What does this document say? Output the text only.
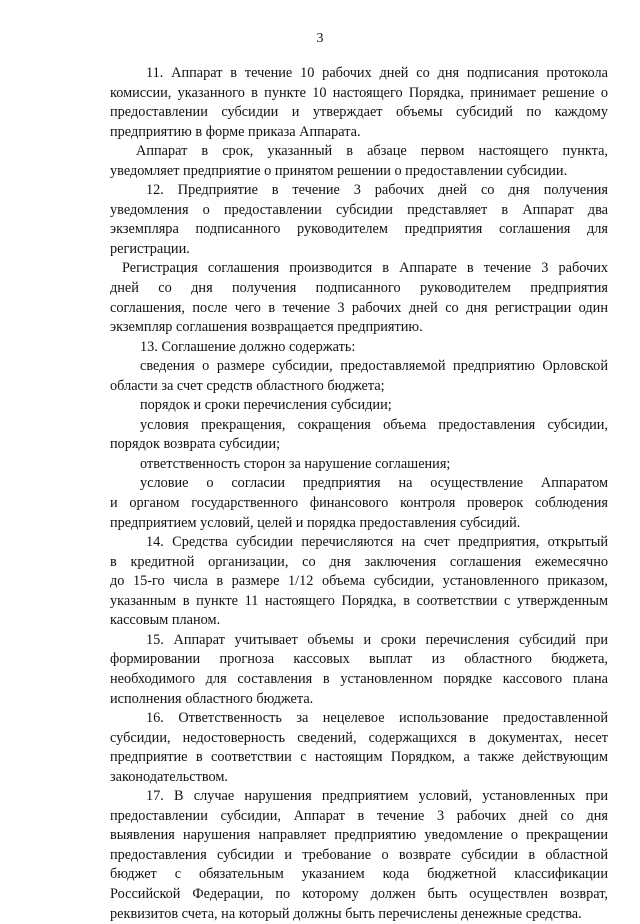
3
11. Аппарат в течение 10 рабочих дней со дня подписания протокола
комиссии, указанного в пункте 10 настоящего Порядка, принимает решение о
предоставлении субсидии и утверждает объемы субсидий по каждому
предприятию в форме приказа Аппарата.
Аппарат в срок, указанный в абзаце первом настоящего пункта,
уведомляет предприятие о принятом решении о предоставлении субсидии.
12. Предприятие в течение 3 рабочих дней со дня получения
уведомления о предоставлении субсидии представляет в Аппарат два
экземпляра подписанного руководителем предприятия соглашения для
регистрации.
Регистрация соглашения производится в Аппарате в течение 3 рабочих
дней со дня получения подписанного руководителем предприятия
соглашения, после чего в течение 3 рабочих дней со дня регистрации один
экземпляр соглашения возвращается предприятию.
13. Соглашение должно содержать:
сведения о размере субсидии, предоставляемой предприятию Орловской
области за счет средств областного бюджета;
порядок и сроки перечисления субсидии;
условия прекращения, сокращения объема предоставления субсидии,
порядок возврата субсидии;
ответственность сторон за нарушение соглашения;
условие о согласии предприятия на осуществление Аппаратом
и органом государственного финансового контроля проверок соблюдения
предприятием условий, целей и порядка предоставления субсидий.
14. Средства субсидии перечисляются на счет предприятия, открытый
в кредитной организации, со дня заключения соглашения ежемесячно
до 15-го числа в размере 1/12 объема субсидии, установленного приказом,
указанным в пункте 11 настоящего Порядка, в соответствии с утвержденным
кассовым планом.
15. Аппарат учитывает объемы и сроки перечисления субсидий при
формировании прогноза кассовых выплат из областного бюджета,
необходимого для составления в установленном порядке кассового плана
исполнения областного бюджета.
16. Ответственность за нецелевое использование предоставленной
субсидии, недостоверность сведений, содержащихся в документах, несет
предприятие в соответствии с настоящим Порядком, а также действующим
законодательством.
17. В случае нарушения предприятием условий, установленных при
предоставлении субсидии, Аппарат в течение 3 рабочих дней со дня
выявления нарушения направляет предприятию уведомление о прекращении
предоставления субсидии и требование о возврате субсидии в областной
бюджет с обязательным указанием кода бюджетной классификации
Российской Федерации, по которому должен быть осуществлен возврат,
реквизитов счета, на который должны быть перечислены денежные средства.
